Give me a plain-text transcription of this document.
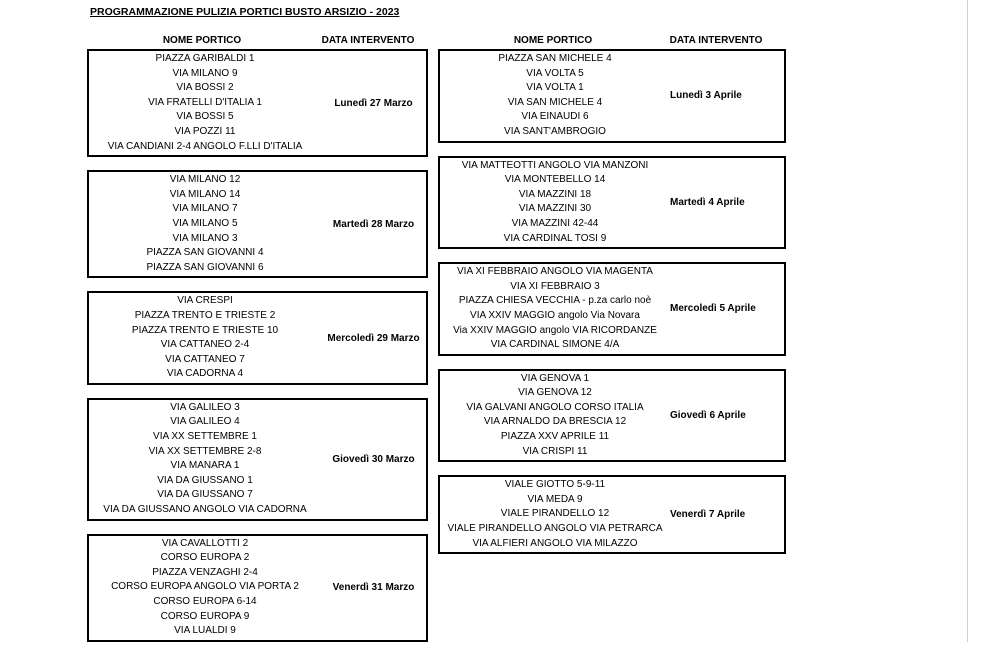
PROGRAMMAZIONE PULIZIA PORTICI BUSTO ARSIZIO - 2023
NOME PORTICO	DATA INTERVENTO
PIAZZA GARIBALDI 1
VIA MILANO 9
VIA BOSSI 2
VIA FRATELLI D'ITALIA 1
VIA BOSSI 5
VIA POZZI 11
VIA CANDIANI 2-4 ANGOLO F.LLI D'ITALIA
Lunedì 27 Marzo
VIA MILANO 12
VIA MILANO 14
VIA MILANO 7
VIA MILANO 5
VIA MILANO 3
PIAZZA SAN GIOVANNI 4
PIAZZA SAN GIOVANNI 6
Martedì 28 Marzo
VIA CRESPI
PIAZZA TRENTO E TRIESTE 2
PIAZZA TRENTO E TRIESTE 10
VIA CATTANEO 2-4
VIA CATTANEO 7
VIA CADORNA 4
Mercoledì 29 Marzo
VIA GALILEO 3
VIA GALILEO 4
VIA XX SETTEMBRE 1
VIA XX SETTEMBRE 2-8
VIA MANARA 1
VIA DA GIUSSANO 1
VIA DA GIUSSANO 7
VIA DA GIUSSANO ANGOLO VIA CADORNA
Giovedì 30 Marzo
VIA CAVALLOTTI 2
CORSO EUROPA 2
PIAZZA VENZAGHI 2-4
CORSO EUROPA ANGOLO VIA PORTA 2
CORSO EUROPA 6-14
CORSO EUROPA 9
VIA LUALDI 9
Venerdì 31 Marzo
NOME PORTICO	DATA INTERVENTO
PIAZZA SAN MICHELE 4
VIA VOLTA 5
VIA VOLTA 1
VIA SAN MICHELE 4
VIA EINAUDI 6
VIA SANT'AMBROGIO
Lunedì 3 Aprile
VIA MATTEOTTI ANGOLO VIA MANZONI
VIA MONTEBELLO 14
VIA MAZZINI 18
VIA MAZZINI 30
VIA MAZZINI 42-44
VIA CARDINAL TOSI 9
Martedì 4 Aprile
VIA XI FEBBRAIO ANGOLO VIA MAGENTA
VIA XI FEBBRAIO 3
PIAZZA CHIESA VECCHIA - p.za carlo noè
VIA XXIV MAGGIO angolo Via Novara
Via XXIV MAGGIO angolo VIA RICORDANZE
VIA CARDINAL SIMONE 4/A
Mercoledì 5 Aprile
VIA GENOVA 1
VIA GENOVA 12
VIA GALVANI ANGOLO CORSO ITALIA
VIA ARNALDO DA BRESCIA 12
PIAZZA XXV APRILE 11
VIA CRISPI 11
Giovedì 6 Aprile
VIALE GIOTTO 5-9-11
VIA MEDA 9
VIALE PIRANDELLO 12
VIALE PIRANDELLO ANGOLO VIA PETRARCA
VIA ALFIERI ANGOLO VIA MILAZZO
Venerdì 7 Aprile
